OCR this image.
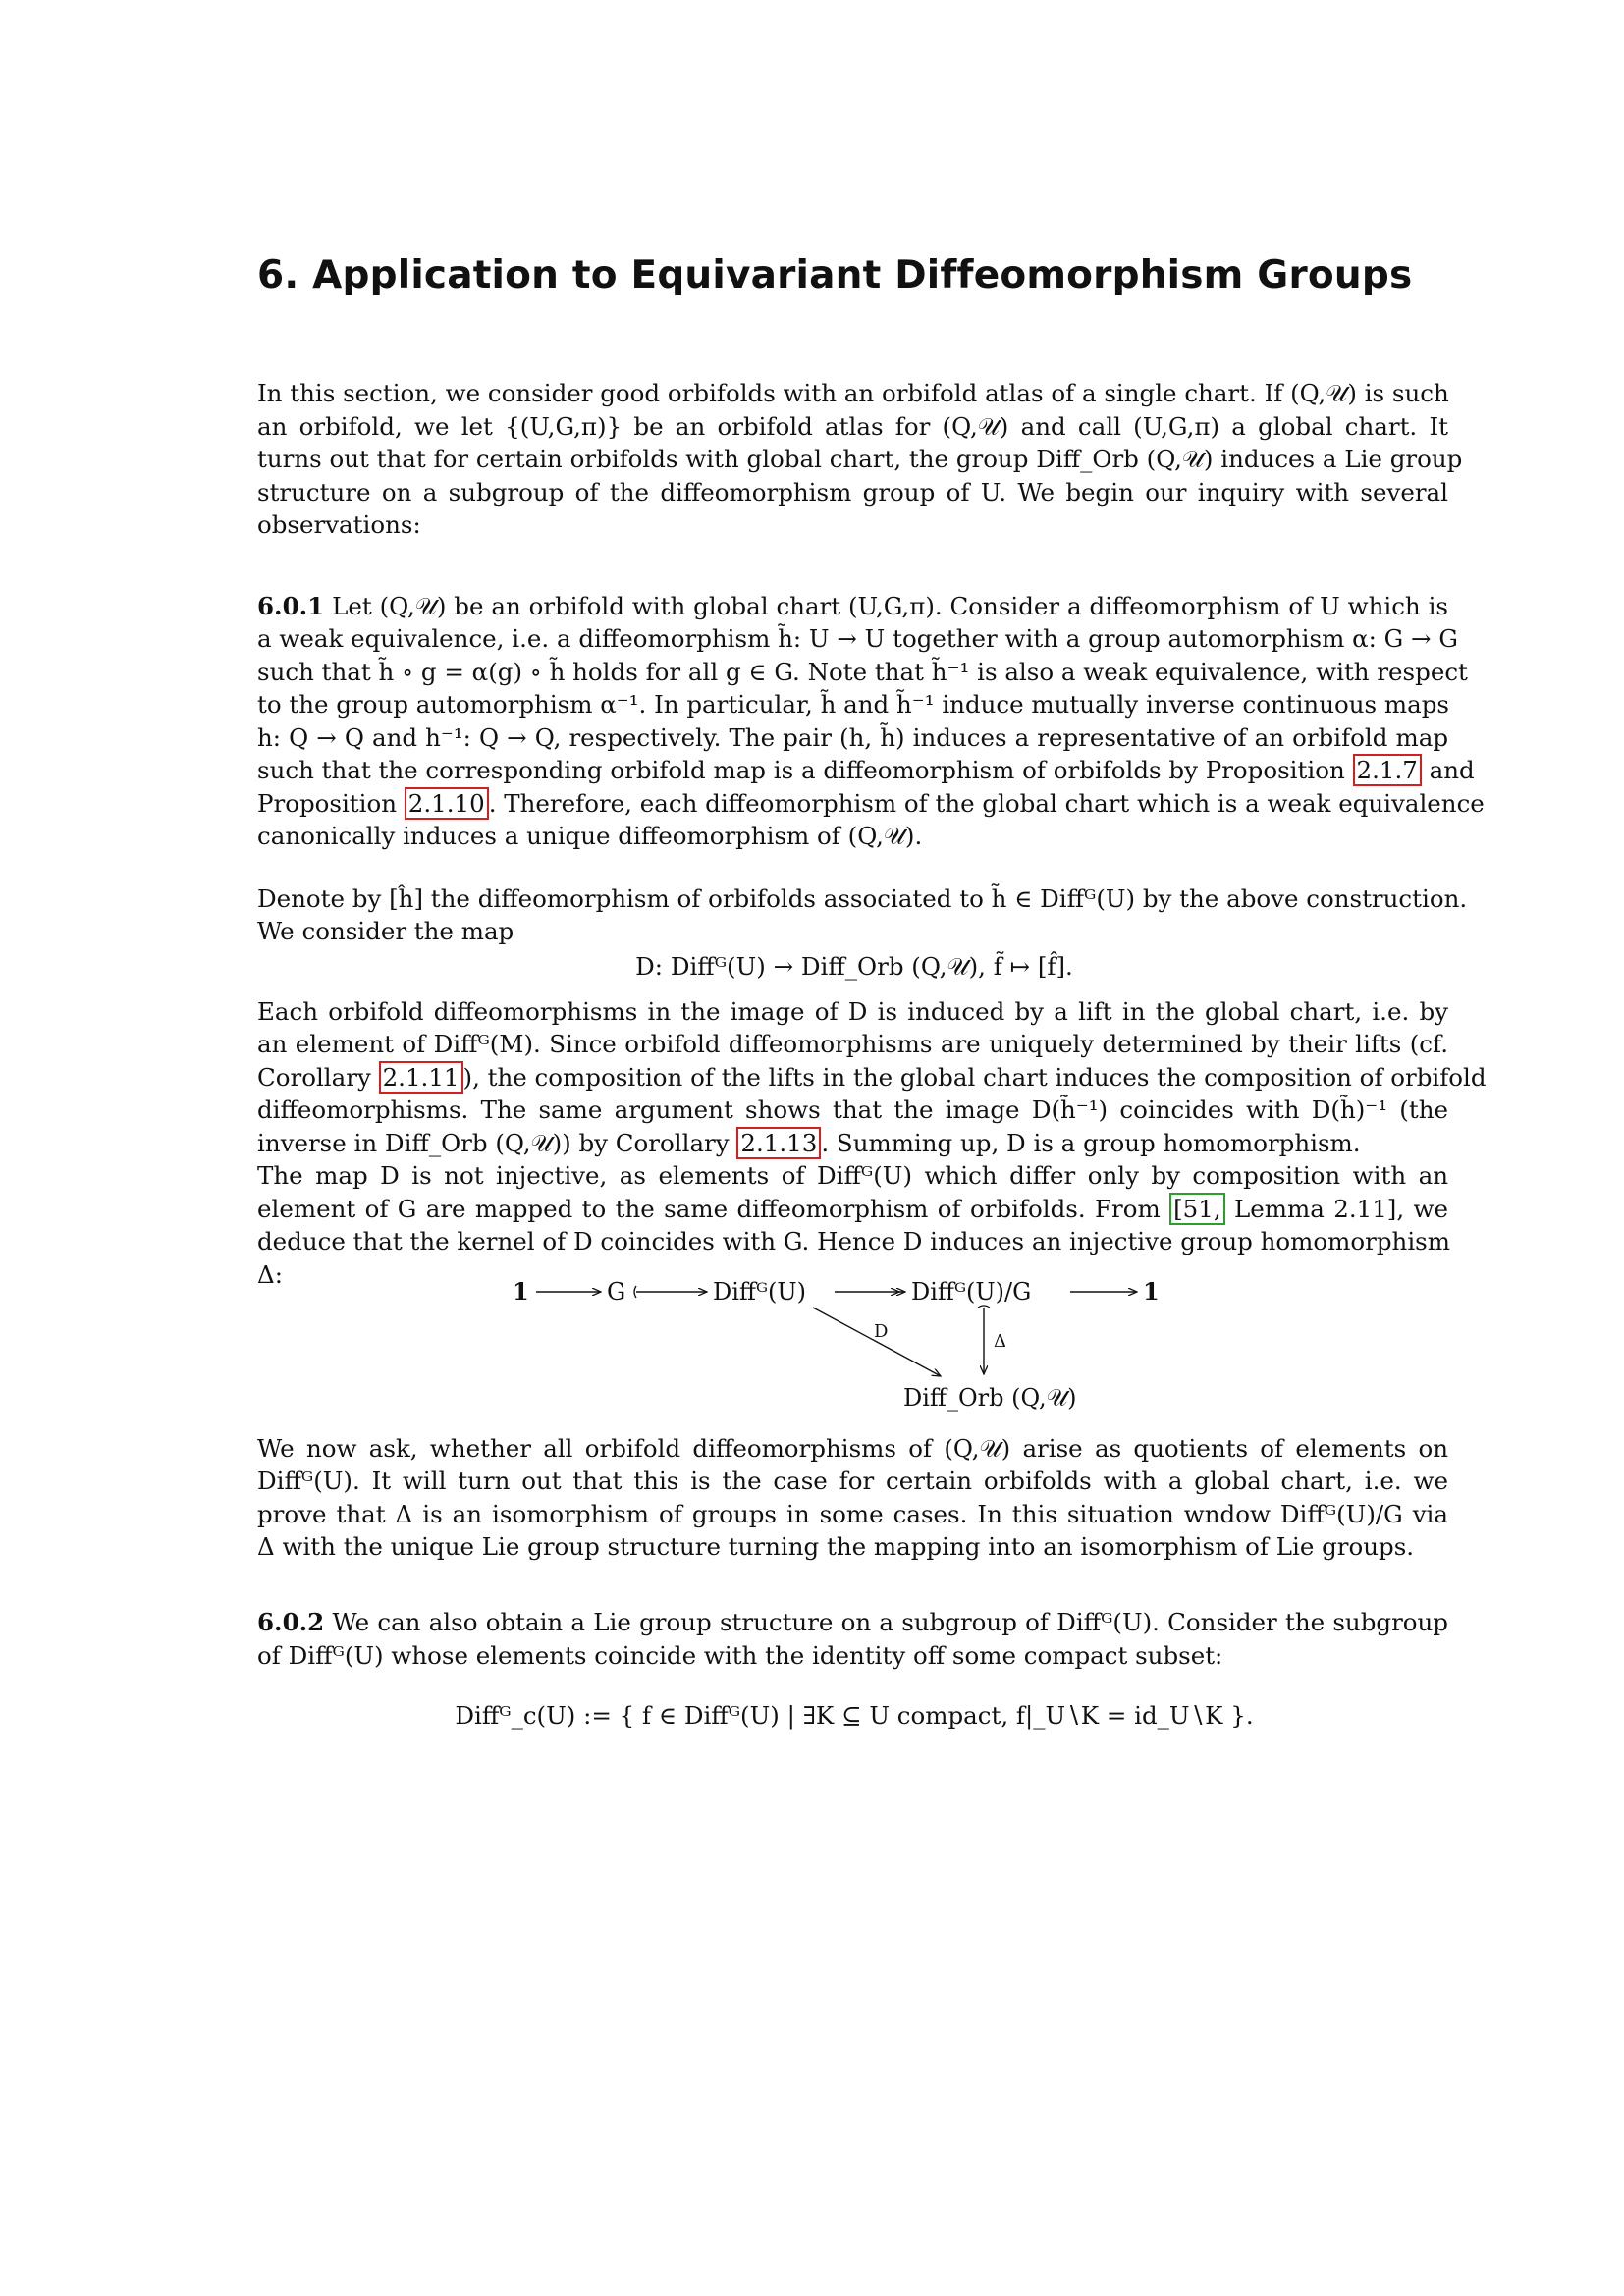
6. Application to Equivariant Diffeomorphism Groups
In this section, we consider good orbifolds with an orbifold atlas of a single chart. If (Q,𝒰) is such
an orbifold, we let {(U,G,π)} be an orbifold atlas for (Q,𝒰) and call (U,G,π) a global chart. It
turns out that for certain orbifolds with global chart, the group Diff_Orb (Q,𝒰) induces a Lie group
structure on a subgroup of the diffeomorphism group of U. We begin our inquiry with several
observations:
6.0.1 Let (Q,𝒰) be an orbifold with global chart (U,G,π). Consider a diffeomorphism of U which is
a weak equivalence, i.e. a diffeomorphism h̃: U → U together with a group automorphism α: G → G
such that h̃ ∘ g = α(g) ∘ h̃ holds for all g ∈ G. Note that h̃⁻¹ is also a weak equivalence, with respect
to the group automorphism α⁻¹. In particular, h̃ and h̃⁻¹ induce mutually inverse continuous maps
h: Q → Q and h⁻¹: Q → Q, respectively. The pair (h, h̃) induces a representative of an orbifold map
such that the corresponding orbifold map is a diffeomorphism of orbifolds by Proposition 2.1.7 and
Proposition 2.1.10 . Therefore, each diffeomorphism of the global chart which is a weak equivalence
canonically induces a unique diffeomorphism of (Q,𝒰).
Denote by [ĥ] the diffeomorphism of orbifolds associated to h̃ ∈ Diffᴳ(U) by the above construction.
We consider the map
D: Diffᴳ(U) → Diff_Orb (Q,𝒰), f̃ ↦ [f̂].
Each orbifold diffeomorphisms in the image of D is induced by a lift in the global chart, i.e. by
an element of Diffᴳ(M). Since orbifold diffeomorphisms are uniquely determined by their lifts (cf.
Corollary 2.1.11 ), the composition of the lifts in the global chart induces the composition of orbifold
diffeomorphisms. The same argument shows that the image D(h̃⁻¹) coincides with D(h̃)⁻¹ (the
inverse in Diff_Orb (Q,𝒰)) by Corollary 2.1.13 . Summing up, D is a group homomorphism.
The map D is not injective, as elements of Diffᴳ(U) which differ only by composition with an
element of G are mapped to the same diffeomorphism of orbifolds. From [51, Lemma 2.11], we
deduce that the kernel of D coincides with G. Hence D induces an injective group homomorphism
Δ:
1	G	Diffᴳ(U)	Diffᴳ(U)/G	1
D	Δ
Diff_Orb (Q,𝒰)
We now ask, whether all orbifold diffeomorphisms of (Q,𝒰) arise as quotients of elements on
Diffᴳ(U). It will turn out that this is the case for certain orbifolds with a global chart, i.e. we
prove that Δ is an isomorphism of groups in some cases. In this situation wndow Diffᴳ(U)/G via
Δ with the unique Lie group structure turning the mapping into an isomorphism of Lie groups.
6.0.2 We can also obtain a Lie group structure on a subgroup of Diffᴳ(U). Consider the subgroup
of Diffᴳ(U) whose elements coincide with the identity off some compact subset:
Diffᴳ_c(U) := { f ∈ Diffᴳ(U) | ∃K ⊆ U compact, f|_U∖K = id_U∖K }.
